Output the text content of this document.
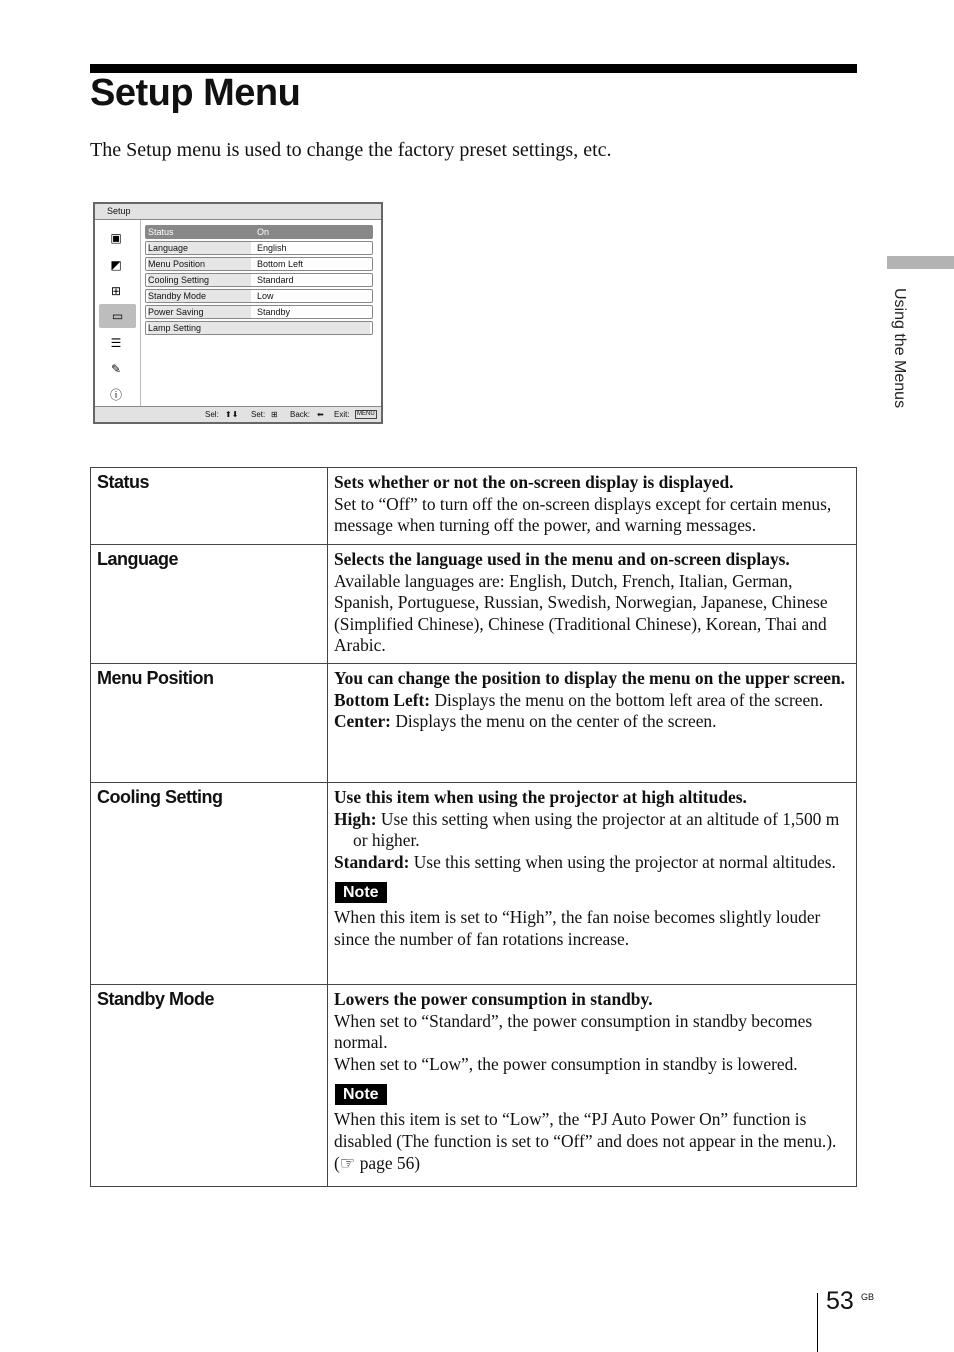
Setup Menu
The Setup menu is used to change the factory preset settings, etc.
Setup
▣
◩
⊞
▭
☰
✎
ⓘ
Status	On
Language	English
Menu Position	Bottom Left
Cooling Setting	Standard
Standby Mode	Low
Power Saving	Standby
Lamp Setting
Sel: ⬆⬇ Set: ⊞ Back: ⬅ Exit:	MENU
Using the Menus
Status	Sets whether or not the on-screen display is displayed.
Set to “Off” to turn off the on-screen displays except for certain menus, message when turning off the power, and warning messages.

Language	Selects the language used in the menu and on-screen displays.
Available languages are: English, Dutch, French, Italian, German, Spanish, Portuguese, Russian, Swedish, Norwegian, Japanese, Chinese (Simplified Chinese), Chinese (Traditional Chinese), Korean, Thai and Arabic.

Menu Position	You can change the position to display the menu on the upper screen.
Bottom Left: Displays the menu on the bottom left area of the screen.
Center: Displays the menu on the center of the screen.

Cooling Setting	Use this item when using the projector at high altitudes.
High: Use this setting when using the projector at an altitude of 1,500 m or higher.
Standard: Use this setting when using the projector at normal altitudes.
Note
When this item is set to “High”, the fan noise becomes slightly louder since the number of fan rotations increase.

Standby Mode	Lowers the power consumption in standby.
When set to “Standard”, the power consumption in standby becomes normal.
When set to “Low”, the power consumption in standby is lowered.
Note
When this item is set to “Low”, the “PJ Auto Power On” function is disabled (The function is set to “Off” and does not appear in the menu.). (☞ page 56)
53 GB
